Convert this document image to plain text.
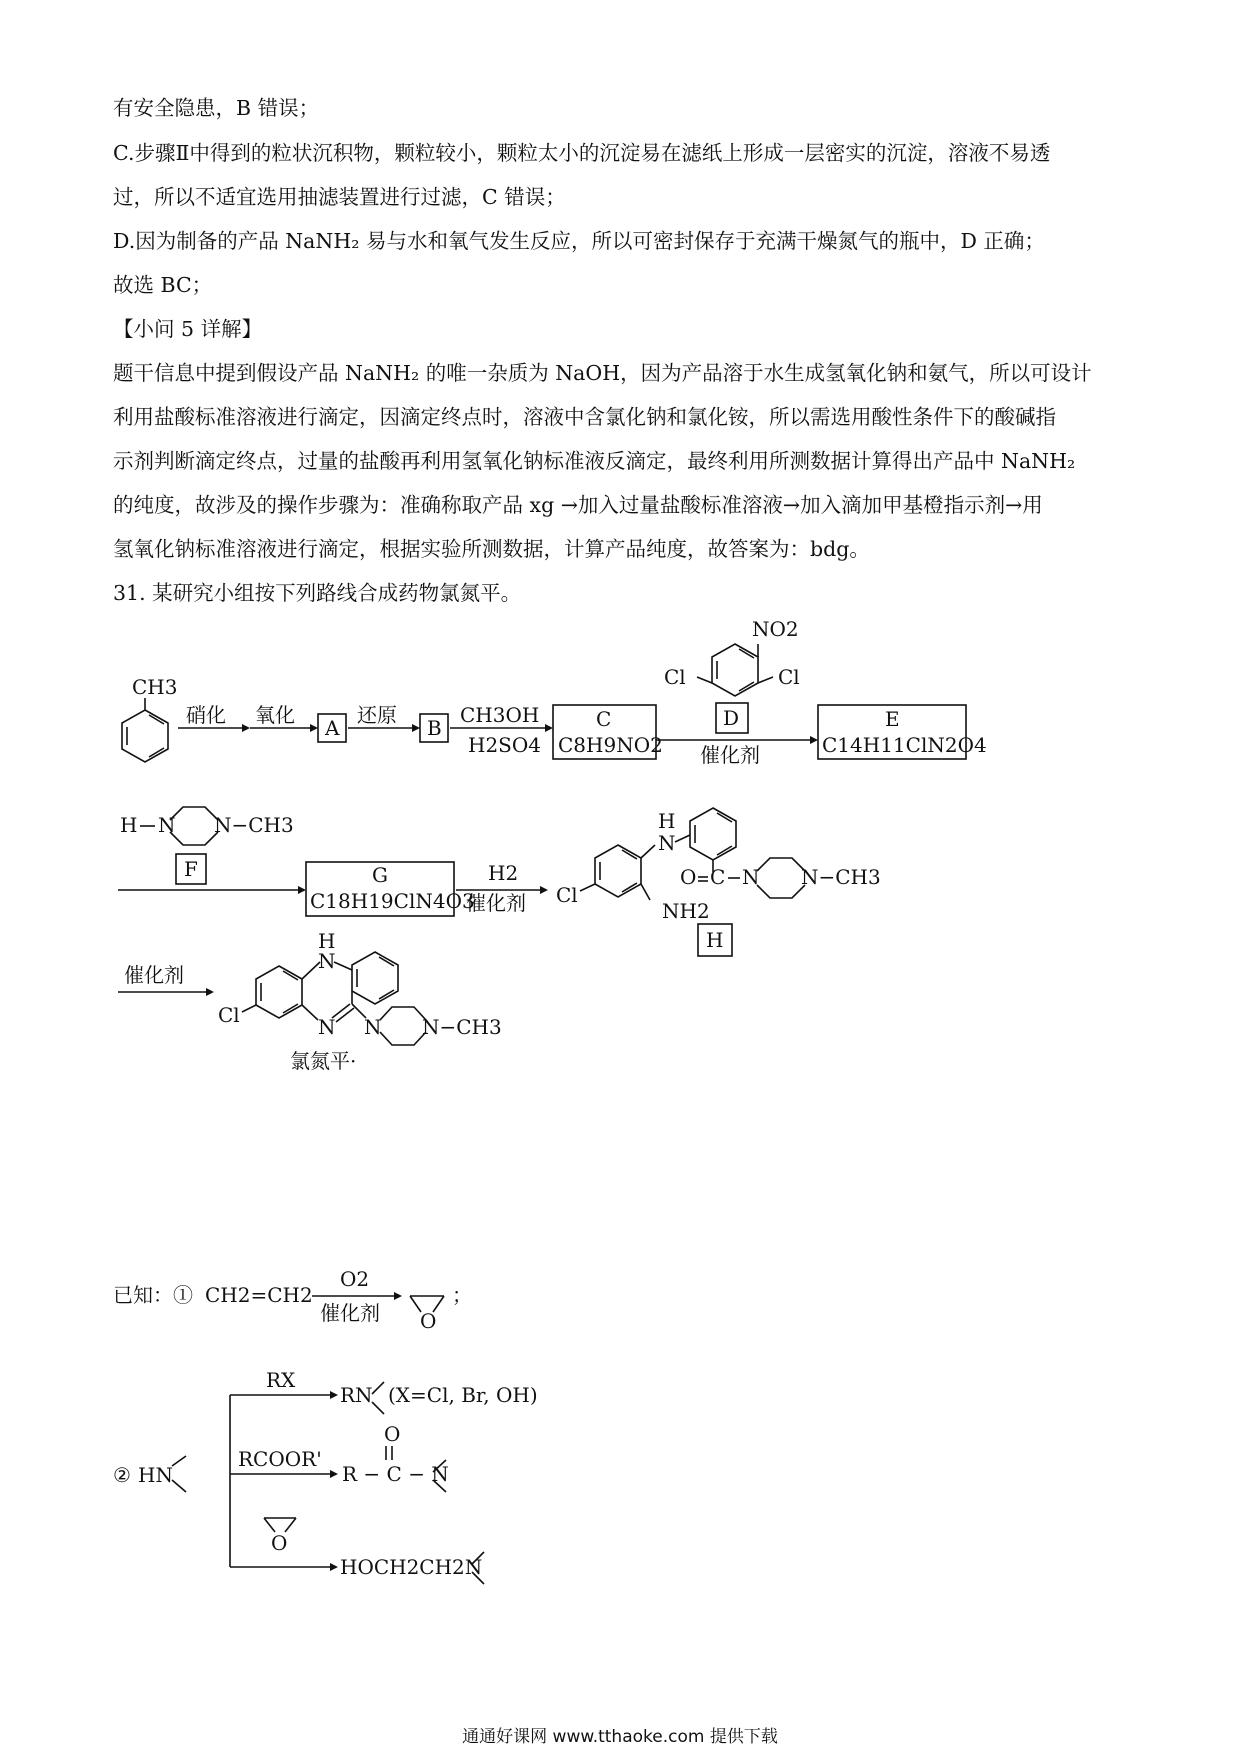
有安全隐患，B 错误；
C.步骤Ⅱ中得到的粒状沉积物，颗粒较小，颗粒太小的沉淀易在滤纸上形成一层密实的沉淀，溶液不易透
过，所以不适宜选用抽滤装置进行过滤，C 错误；
D.因为制备的产品 NaNH₂ 易与水和氧气发生反应，所以可密封保存于充满干燥氮气的瓶中，D 正确；
故选 BC；
【小问 5 详解】
题干信息中提到假设产品 NaNH₂ 的唯一杂质为 NaOH，因为产品溶于水生成氢氧化钠和氨气，所以可设计
利用盐酸标准溶液进行滴定，因滴定终点时，溶液中含氯化钠和氯化铵，所以需选用酸性条件下的酸碱指
示剂判断滴定终点，过量的盐酸再利用氢氧化钠标准液反滴定，最终利用所测数据计算得出产品中 NaNH₂
的纯度，故涉及的操作步骤为：准确称取产品 xg →加入过量盐酸标准溶液→加入滴加甲基橙指示剂→用
氢氧化钠标准溶液进行滴定，根据实验所测数据，计算产品纯度，故答案为：bdg。
31. 某研究小组按下列路线合成药物氯氮平。
CH3
硝化 氧化
A
还原
B
CH3OH
H2SO4
C
C8H9NO2
NO2
Cl	Cl
D
催化剂
E
C14H11ClN2O4
H N N−CH3
F	G
C18H19ClN4O3
H2
催化剂 Cl
NH2
H
N
O C N N−CH3
H
催化剂
Cl
H
N
N N N−CH3
氯氮平·
已知：① CH2=CH2
O2
催化剂 O
；
② HN
RX
RN (X=Cl, Br, OH)
RCOOR'
O
R − C − N
O
HOCH2CH2N
通通好课网 www.tthaoke.com 提供下载
